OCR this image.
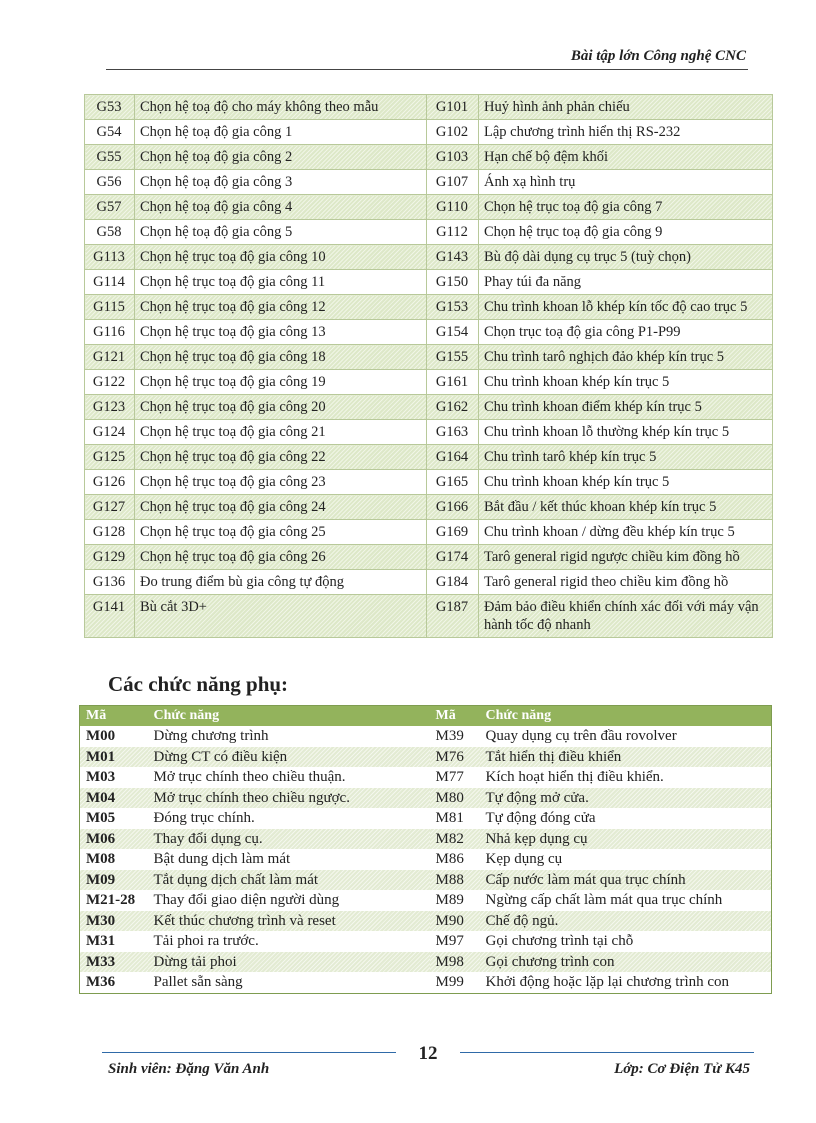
Bài tập lớn Công nghệ CNC
G53	Chọn hệ toạ độ cho máy không theo mẫu	G101	Huỷ hình ảnh phản chiếu
G54	Chọn hệ toạ độ gia công 1	G102	Lập chương trình hiển thị RS-232
G55	Chọn hệ toạ độ gia công 2	G103	Hạn chế bộ đệm khối
G56	Chọn hệ toạ độ gia công 3	G107	Ánh xạ hình trụ
G57	Chọn hệ toạ độ gia công 4	G110	Chọn hệ trục toạ độ gia công 7
G58	Chọn hệ toạ độ gia công 5	G112	Chọn hệ trục toạ độ gia công 9
G113	Chọn hệ trục toạ độ gia công 10	G143	Bù độ dài dụng cụ trục 5 (tuỳ chọn)
G114	Chọn hệ trục toạ độ gia công 11	G150	Phay túi đa năng
G115	Chọn hệ trục toạ độ gia công 12	G153	Chu trình khoan lỗ khép kín tốc độ cao trục 5
G116	Chọn hệ trục toạ độ gia công 13	G154	Chọn trục toạ độ gia công P1-P99
G121	Chọn hệ trục toạ độ gia công 18	G155	Chu trình tarô nghịch đảo khép kín trục 5
G122	Chọn hệ trục toạ độ gia công 19	G161	Chu trình khoan khép kín trục 5
G123	Chọn hệ trục toạ độ gia công 20	G162	Chu trình khoan điểm khép kín trục 5
G124	Chọn hệ trục toạ độ gia công 21	G163	Chu trình khoan lỗ thường khép kín trục 5
G125	Chọn hệ trục toạ độ gia công 22	G164	Chu trình tarô khép kín trục 5
G126	Chọn hệ trục toạ độ gia công 23	G165	Chu trình khoan khép kín trục 5
G127	Chọn hệ trục toạ độ gia công 24	G166	Bắt đầu / kết thúc khoan khép kín trục 5
G128	Chọn hệ trục toạ độ gia công 25	G169	Chu trình khoan / dừng đều khép kín trục 5
G129	Chọn hệ trục toạ độ gia công 26	G174	Tarô general rigid ngược chiều kim đồng hồ
G136	Đo trung điểm bù gia công tự động	G184	Tarô general rigid theo chiều kim đồng hồ
G141	Bù cắt 3D+	G187	Đảm bảo điều khiển chính xác đối với máy vận hành tốc độ nhanh
Các chức năng phụ:
Mã	Chức năng	Mã	Chức năng
M00	Dừng chương trình	M39	Quay dụng cụ trên đầu rovolver
M01	Dừng CT có điều kiện	M76	Tắt hiển thị điều khiển
M03	Mở trục chính theo chiều thuận.	M77	Kích hoạt hiển thị điều khiển.
M04	Mở trục chính theo chiều ngược.	M80	Tự động mở cửa.
M05	Đóng trục chính.	M81	Tự động đóng cửa
M06	Thay đổi dụng cụ.	M82	Nhả kẹp dụng cụ
M08	Bật dung dịch làm mát	M86	Kẹp dụng cụ
M09	Tắt dụng dịch chất làm mát	M88	Cấp nước làm mát qua trục chính
M21-28	Thay đổi giao diện người dùng	M89	Ngừng cấp chất làm mát qua trục chính
M30	Kết thúc chương trình và reset	M90	Chế độ ngủ.
M31	Tải phoi ra trước.	M97	Gọi chương trình tại chỗ
M33	Dừng tải phoi	M98	Gọi chương trình con
M36	Pallet sẵn sàng	M99	Khởi động hoặc lặp lại chương trình con
12
Sinh viên: Đặng Văn Anh	Lớp: Cơ Điện Tử K45
